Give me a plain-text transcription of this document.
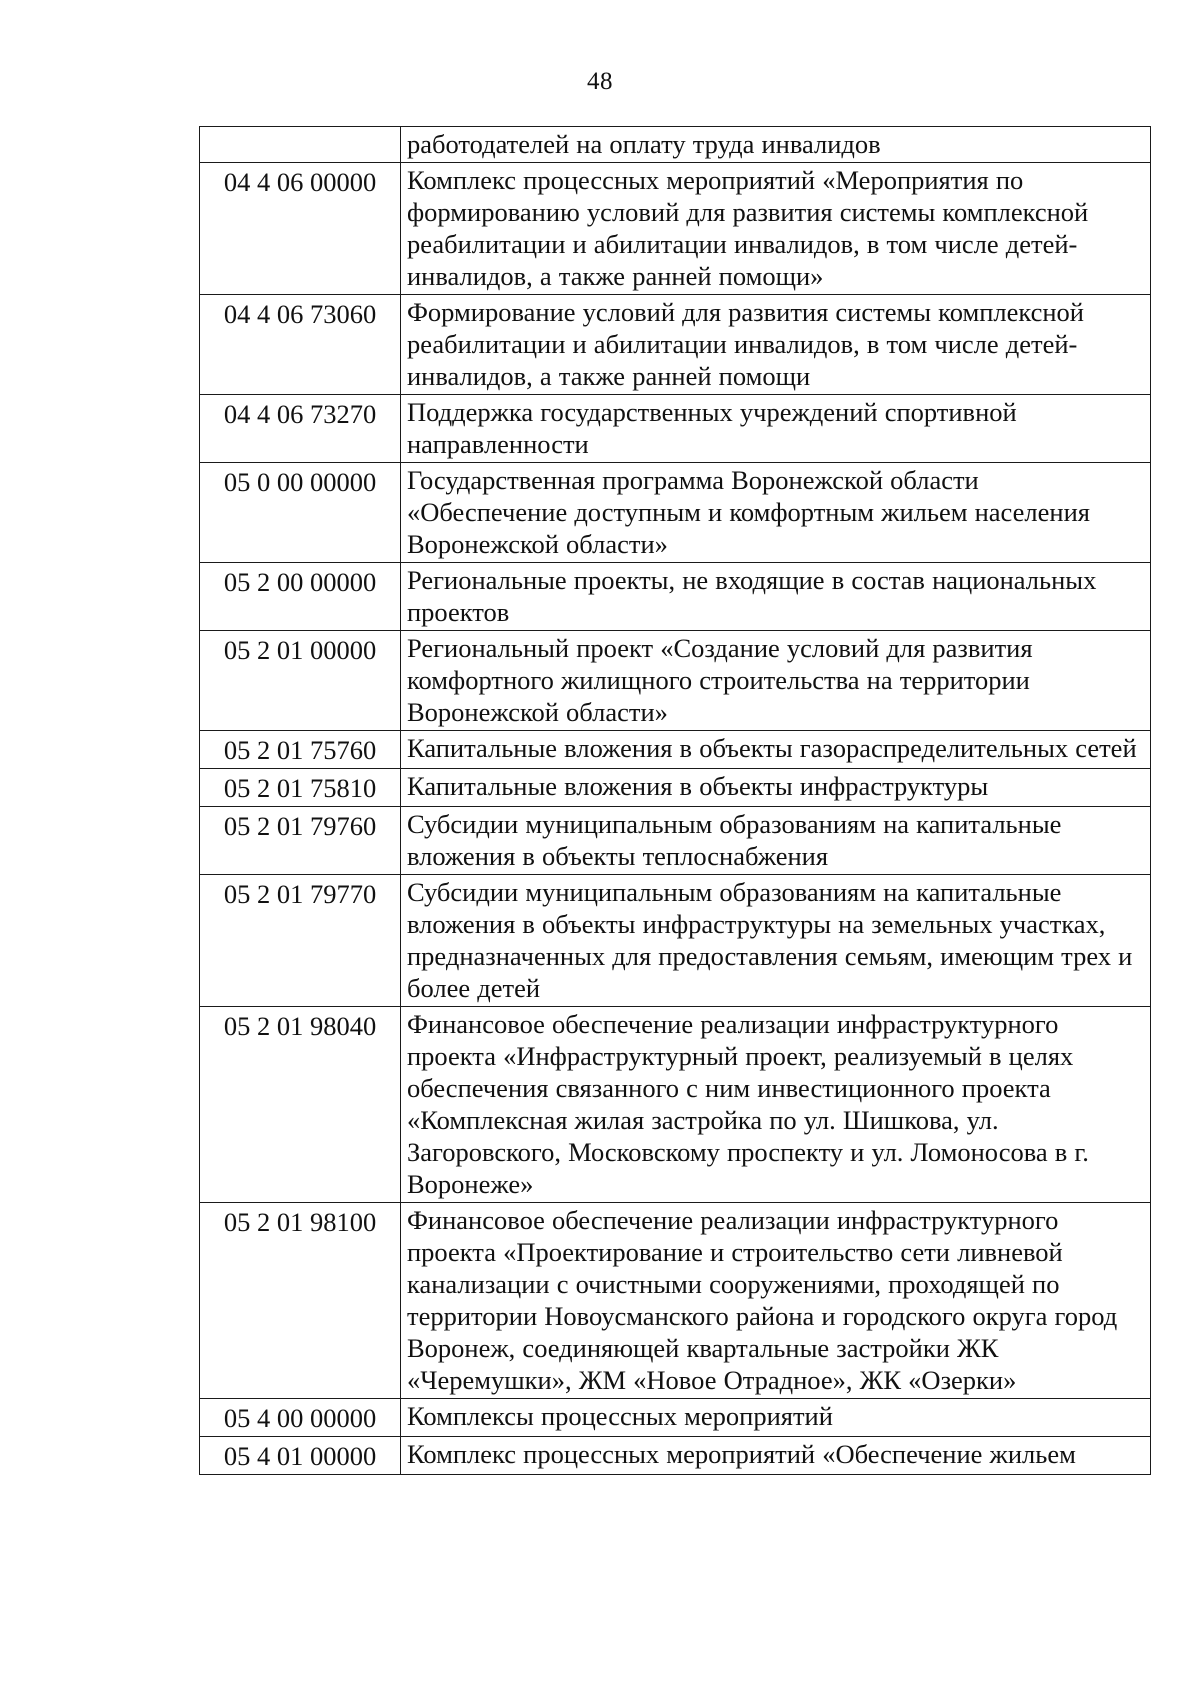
48
	работодателей на оплату труда инвалидов
04 4 06 00000	Комплекс процессных мероприятий «Мероприятия по формированию условий для развития системы комплексной реабилитации и абилитации инвалидов, в том числе детей-инвалидов, а также ранней помощи»
04 4 06 73060	Формирование условий для развития системы комплексной реабилитации и абилитации инвалидов, в том числе детей-инвалидов, а также ранней помощи
04 4 06 73270	Поддержка государственных учреждений спортивной направленности
05 0 00 00000	Государственная программа Воронежской области «Обеспечение доступным и комфортным жильем населения Воронежской области»
05 2 00 00000	Региональные проекты, не входящие в состав национальных проектов
05 2 01 00000	Региональный проект «Создание условий для развития комфортного жилищного строительства на территории Воронежской области»
05 2 01 75760	Капитальные вложения в объекты газораспределительных сетей
05 2 01 75810	Капитальные вложения в объекты инфраструктуры
05 2 01 79760	Субсидии муниципальным образованиям на капитальные вложения в объекты теплоснабжения
05 2 01 79770	Субсидии муниципальным образованиям на капитальные вложения в объекты инфраструктуры на земельных участках, предназначенных для предоставления семьям, имеющим трех и более детей
05 2 01 98040	Финансовое обеспечение реализации инфраструктурного проекта «Инфраструктурный проект, реализуемый в целях обеспечения связанного с ним инвестиционного проекта «Комплексная жилая застройка по ул. Шишкова, ул. Загоровского, Московскому проспекту и ул. Ломоносова в г. Воронеже»
05 2 01 98100	Финансовое обеспечение реализации инфраструктурного проекта «Проектирование и строительство сети ливневой канализации с очистными сооружениями, проходящей по территории Новоусманского района и городского округа город Воронеж, соединяющей квартальные застройки ЖК «Черемушки», ЖМ «Новое Отрадное», ЖК «Озерки»
05 4 00 00000	Комплексы процессных мероприятий
05 4 01 00000	Комплекс процессных мероприятий «Обеспечение жильем
